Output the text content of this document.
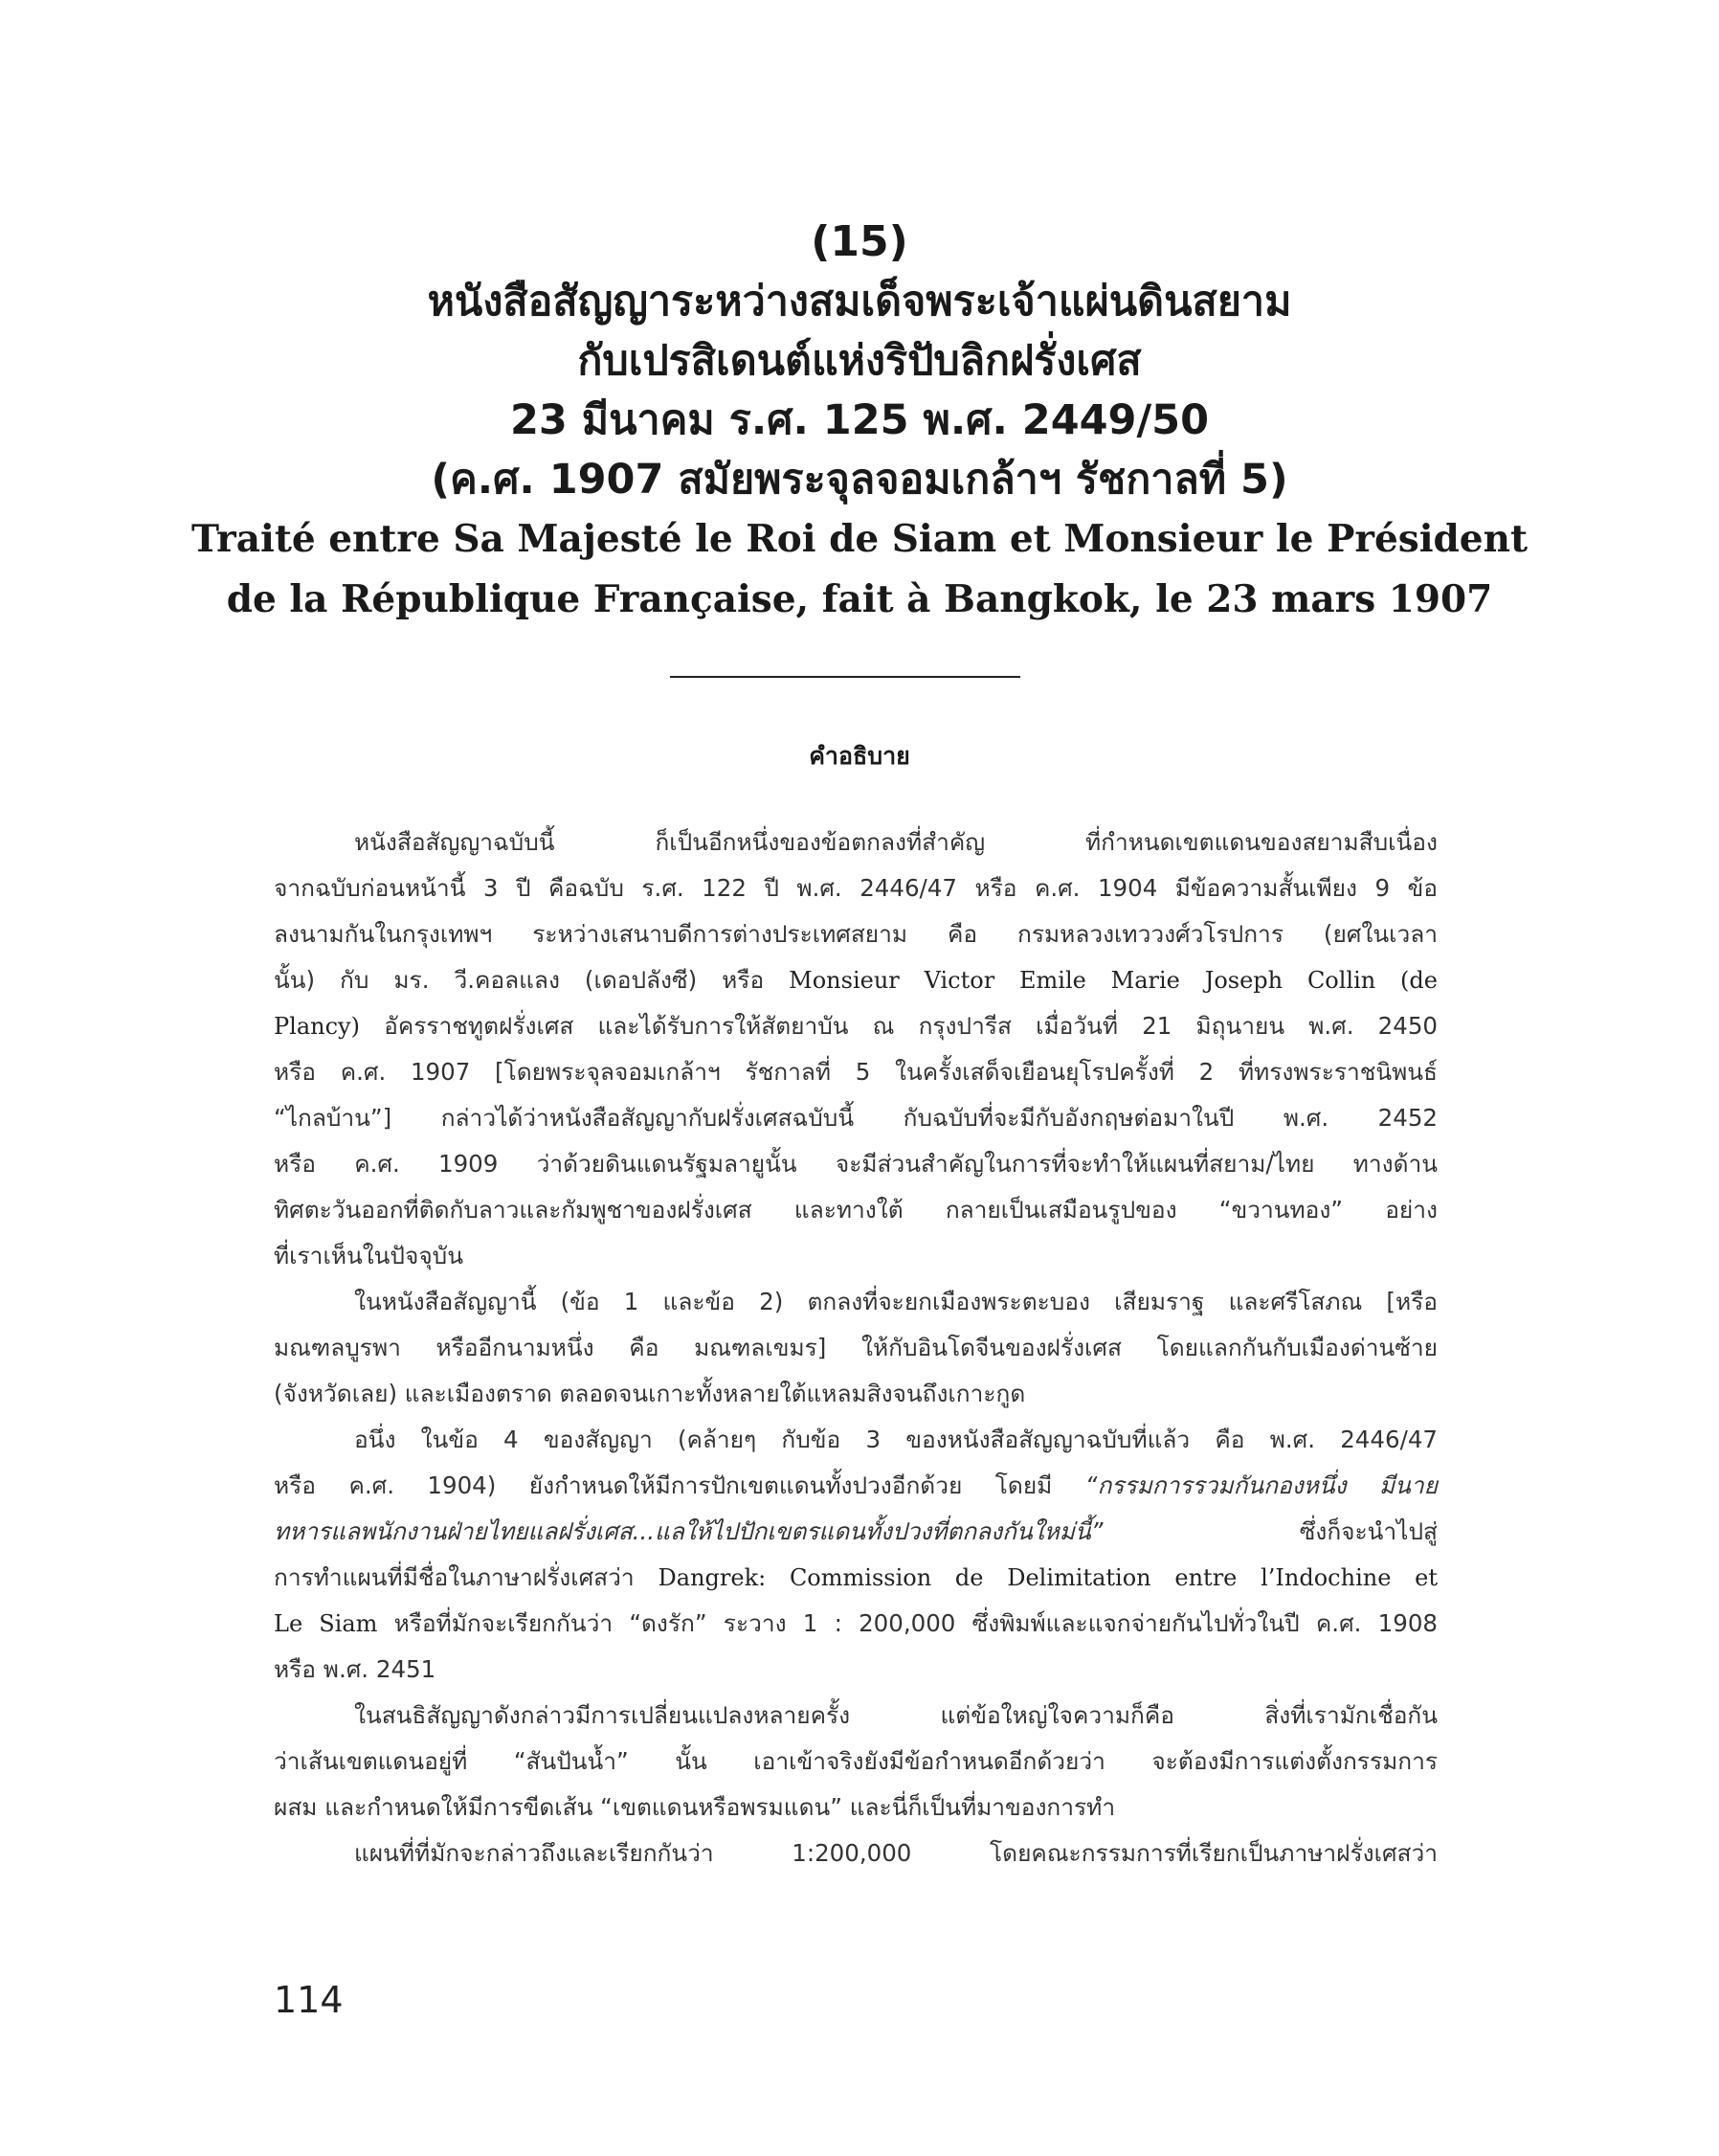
(15)
หนังสือสัญญาระหว่างสมเด็จพระเจ้าแผ่นดินสยาม
กับเปรสิเดนต์แห่งริปับลิกฝรั่งเศส
23 มีนาคม ร.ศ. 125 พ.ศ. 2449/50
(ค.ศ. 1907 สมัยพระจุลจอมเกล้าฯ รัชกาลที่ 5)
Traité entre Sa Majesté le Roi de Siam et Monsieur le Président
de la République Française, fait à Bangkok, le 23 mars 1907
คำอธิบาย
หนังสือสัญญาฉบับนี้ ก็เป็นอีกหนึ่งของข้อตกลงที่สำคัญ ที่กำหนดเขตแดนของสยามสืบเนื่อง
จากฉบับก่อนหน้านี้ 3 ปี คือฉบับ ร.ศ. 122 ปี พ.ศ. 2446/47 หรือ ค.ศ. 1904 มีข้อความสั้นเพียง 9 ข้อ
ลงนามกันในกรุงเทพฯ ระหว่างเสนาบดีการต่างประเทศสยาม คือ กรมหลวงเทววงศ์วโรปการ (ยศในเวลา
นั้น) กับ มร. วี.คอลแลง (เดอปลังซี) หรือ Monsieur Victor Emile Marie Joseph Collin (de
Plancy) อัครราชทูตฝรั่งเศส และได้รับการให้สัตยาบัน ณ กรุงปารีส เมื่อวันที่ 21 มิถุนายน พ.ศ. 2450
หรือ ค.ศ. 1907 [โดยพระจุลจอมเกล้าฯ รัชกาลที่ 5 ในครั้งเสด็จเยือนยุโรปครั้งที่ 2 ที่ทรงพระราชนิพนธ์
“ไกลบ้าน”] กล่าวได้ว่าหนังสือสัญญากับฝรั่งเศสฉบับนี้ กับฉบับที่จะมีกับอังกฤษต่อมาในปี พ.ศ. 2452
หรือ ค.ศ. 1909 ว่าด้วยดินแดนรัฐมลายูนั้น จะมีส่วนสำคัญในการที่จะทำให้แผนที่สยาม/ไทย ทางด้าน
ทิศตะวันออกที่ติดกับลาวและกัมพูชาของฝรั่งเศส และทางใต้ กลายเป็นเสมือนรูปของ “ขวานทอง” อย่าง
ที่เราเห็นในปัจจุบัน
ในหนังสือสัญญานี้ (ข้อ 1 และข้อ 2) ตกลงที่จะยกเมืองพระตะบอง เสียมราฐ และศรีโสภณ [หรือ
มณฑลบูรพา หรืออีกนามหนึ่ง คือ มณฑลเขมร] ให้กับอินโดจีนของฝรั่งเศส โดยแลกกันกับเมืองด่านซ้าย
(จังหวัดเลย) และเมืองตราด ตลอดจนเกาะทั้งหลายใต้แหลมสิงจนถึงเกาะกูด
อนึ่ง ในข้อ 4 ของสัญญา (คล้ายๆ กับข้อ 3 ของหนังสือสัญญาฉบับที่แล้ว คือ พ.ศ. 2446/47
หรือ ค.ศ. 1904) ยังกำหนดให้มีการปักเขตแดนทั้งปวงอีกด้วย โดยมี “กรรมการรวมกันกองหนึ่ง มีนาย
ทหารแลพนักงานฝ่ายไทยแลฝรั่งเศส...แลให้ไปปักเขตรแดนทั้งปวงที่ตกลงกันใหม่นี้” ซึ่งก็จะนำไปสู่
การทำแผนที่มีชื่อในภาษาฝรั่งเศสว่า Dangrek: Commission de Delimitation entre l’Indochine et
Le Siam หรือที่มักจะเรียกกันว่า “ดงรัก” ระวาง 1 : 200,000 ซึ่งพิมพ์และแจกจ่ายกันไปทั่วในปี ค.ศ. 1908
หรือ พ.ศ. 2451
ในสนธิสัญญาดังกล่าวมีการเปลี่ยนแปลงหลายครั้ง แต่ข้อใหญ่ใจความก็คือ สิ่งที่เรามักเชื่อกัน
ว่าเส้นเขตแดนอยู่ที่ “สันปันน้ำ” นั้น เอาเข้าจริงยังมีข้อกำหนดอีกด้วยว่า จะต้องมีการแต่งตั้งกรรมการ
ผสม และกำหนดให้มีการขีดเส้น “เขตแดนหรือพรมแดน” และนี่ก็เป็นที่มาของการทำ
แผนที่ที่มักจะกล่าวถึงและเรียกกันว่า 1:200,000 โดยคณะกรรมการที่เรียกเป็นภาษาฝรั่งเศสว่า
114
